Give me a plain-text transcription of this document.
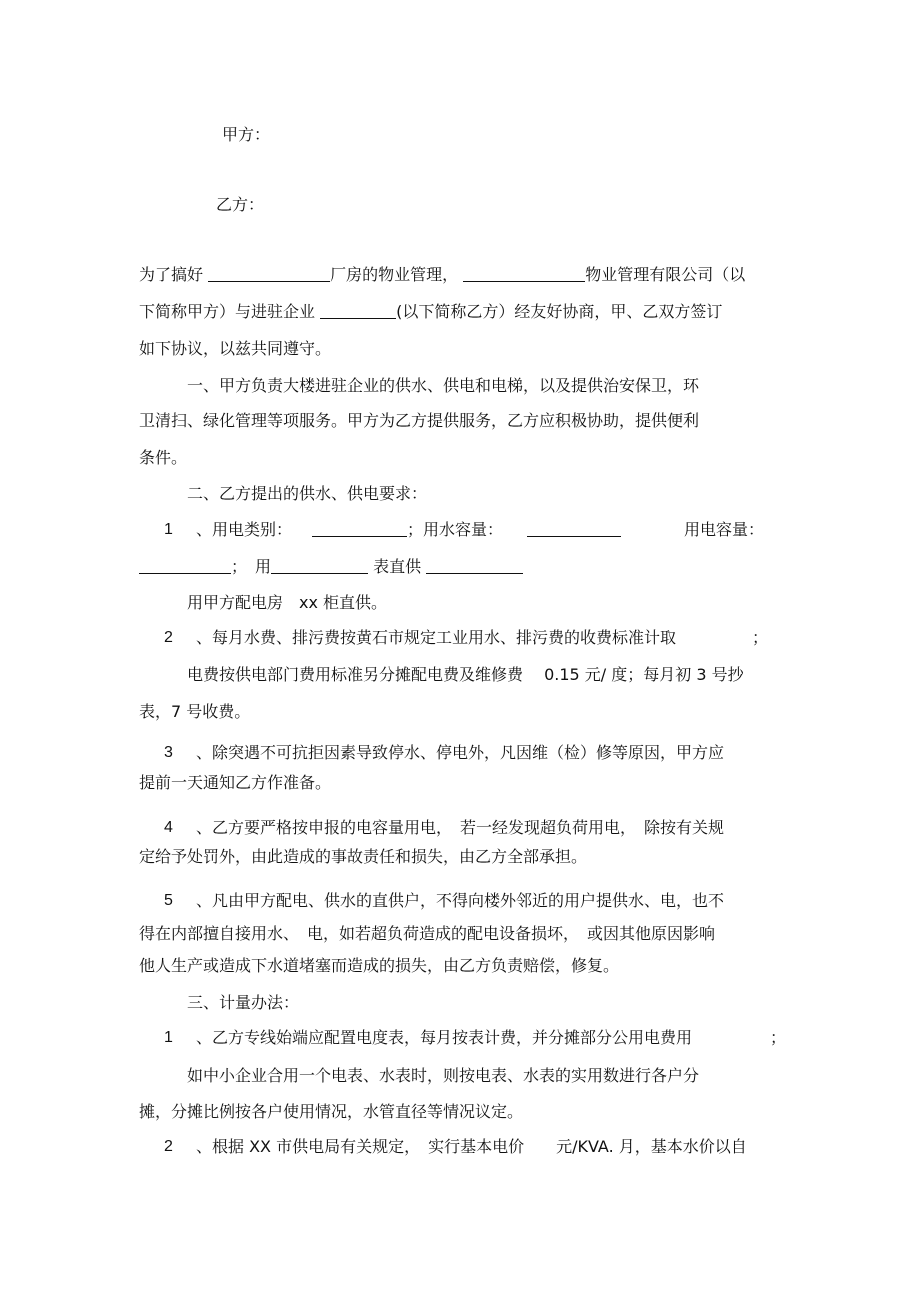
甲方：
乙方：
为了搞好	厂房的物业管理，	物业管理有限公司（以
下简称甲方）与进驻企业	(以下简称乙方）经友好协商，甲、乙双方签订
如下协议，以兹共同遵守。
一、甲方负责大楼进驻企业的供水、供电和电梯，以及提供治安保卫，环
卫清扫、绿化管理等项服务。甲方为乙方提供服务，乙方应积极协助，提供便利
条件。
二、乙方提出的供水、供电要求：
1 、用电类别：	；用水容量：	用电容量：
；　用	表直供
用甲方配电房　xx 柜直供。
2 、每月水费、排污费按黄石市规定工业用水、排污费的收费标准计取	；
电费按供电部门费用标准另分摊配电费及维修费　 0.15 元/ 度；每月初 3 号抄
表，7 号收费。
3 、除突遇不可抗拒因素导致停水、停电外，凡因维（检）修等原因，甲方应
提前一天通知乙方作准备。
4 、乙方要严格按申报的电容量用电，　若一经发现超负荷用电，　除按有关规
定给予处罚外，由此造成的事故责任和损失，由乙方全部承担。
5 、凡由甲方配电、供水的直供户，不得向楼外邻近的用户提供水、电，也不
得在内部擅自接用水、　电，如若超负荷造成的配电设备损坏，　或因其他原因影响
他人生产或造成下水道堵塞而造成的损失，由乙方负责赔偿，修复。
三、计量办法：
1 、乙方专线始端应配置电度表，每月按表计费，并分摊部分公用电费用	；
如中小企业合用一个电表、水表时，则按电表、水表的实用数进行各户分
摊，分摊比例按各户使用情况，水管直径等情况议定。
2 、根据 XX 市供电局有关规定，　实行基本电价　　元/KVA. 月，基本水价以自
